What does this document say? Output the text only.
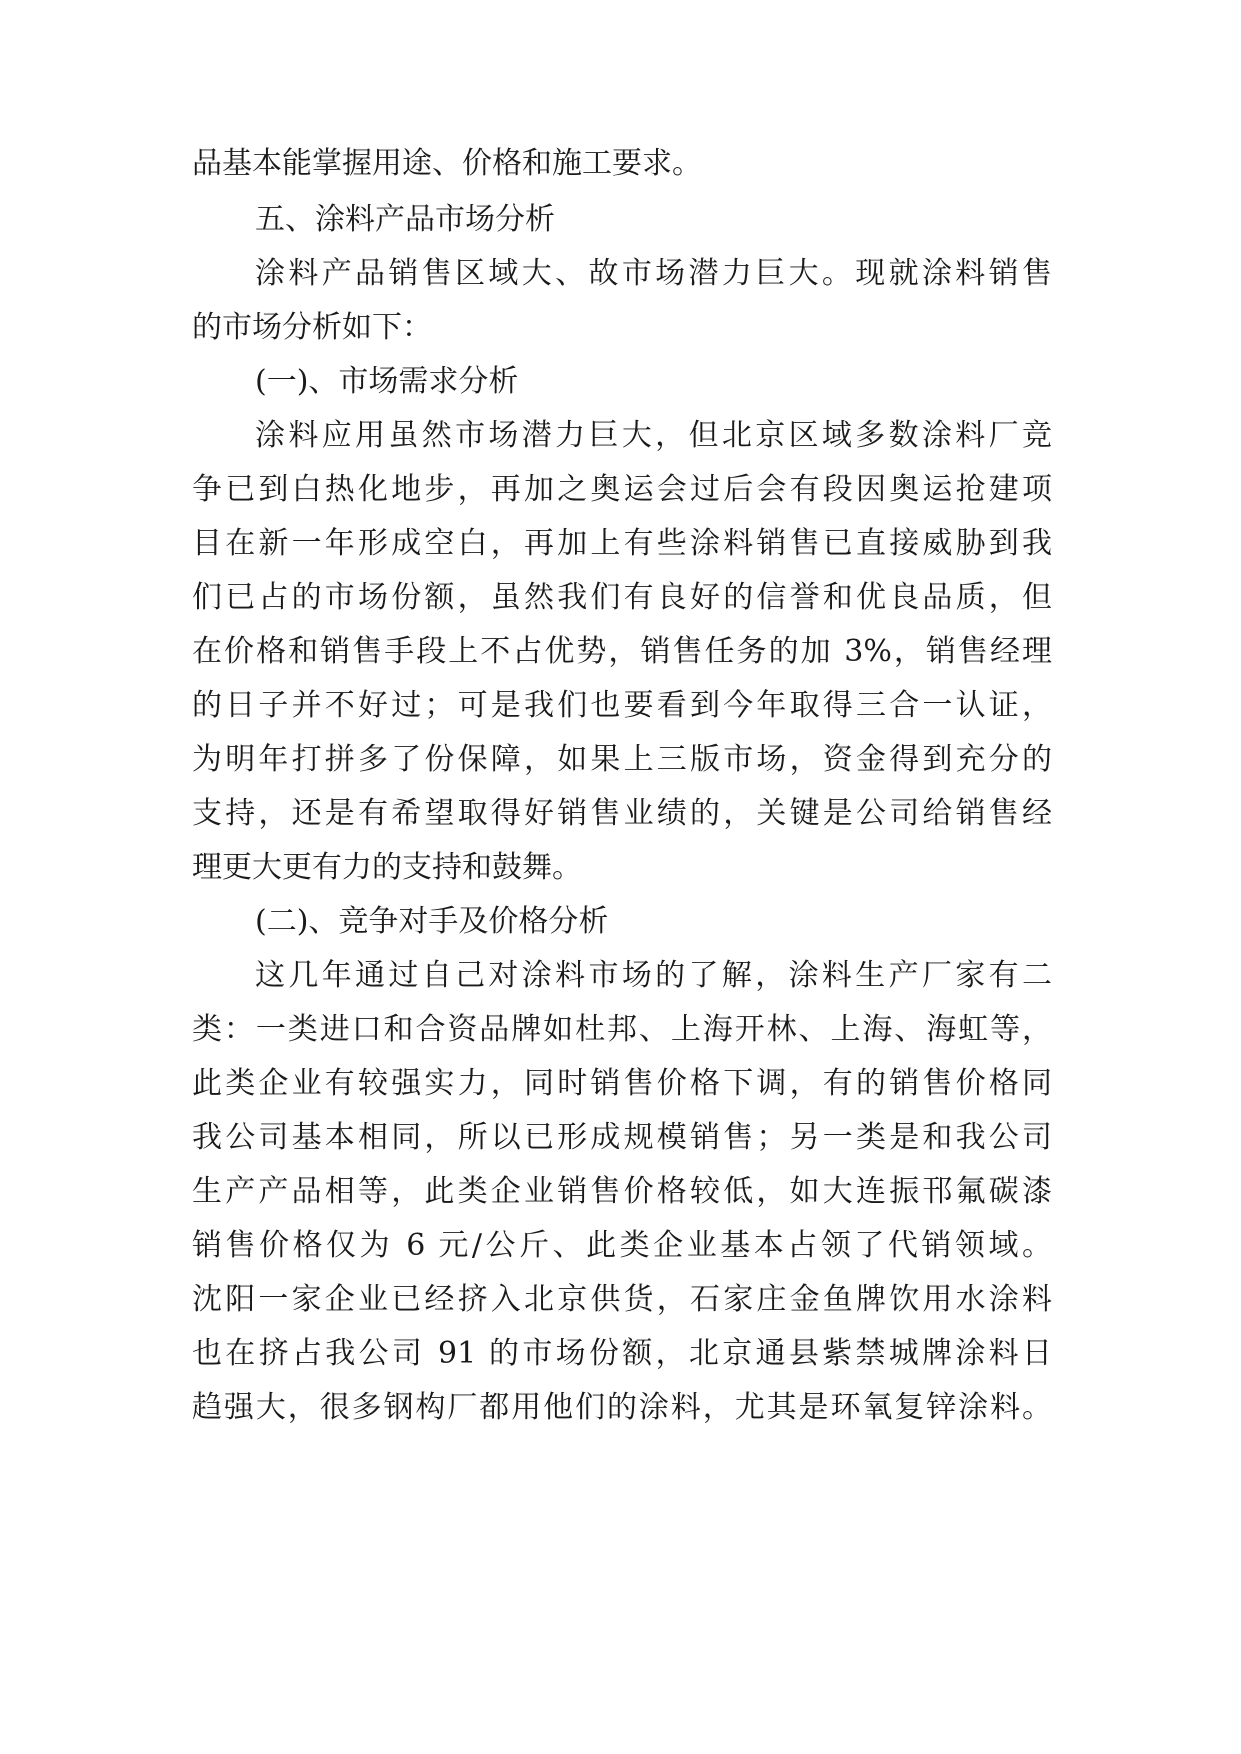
品基本能掌握用途、价格和施工要求。
五、涂料产品市场分析
涂料产品销售区域大、故市场潜力巨大。现就涂料销售
的市场分析如下：
(一)、市场需求分析
涂料应用虽然市场潜力巨大，但北京区域多数涂料厂竞
争已到白热化地步，再加之奥运会过后会有段因奥运抢建项
目在新一年形成空白，再加上有些涂料销售已直接威胁到我
们已占的市场份额，虽然我们有良好的信誉和优良品质，但
在价格和销售手段上不占优势，销售任务的加 3%，销售经理
的日子并不好过；可是我们也要看到今年取得三合一认证，
为明年打拼多了份保障，如果上三版市场，资金得到充分的
支持，还是有希望取得好销售业绩的，关键是公司给销售经
理更大更有力的支持和鼓舞。
(二)、竞争对手及价格分析
这几年通过自己对涂料市场的了解，涂料生产厂家有二
类：一类进口和合资品牌如杜邦、上海开林、上海、海虹等，
此类企业有较强实力，同时销售价格下调，有的销售价格同
我公司基本相同，所以已形成规模销售；另一类是和我公司
生产产品相等，此类企业销售价格较低，如大连振邗氟碳漆
销售价格仅为 6 元/公斤、此类企业基本占领了代销领域。
沈阳一家企业已经挤入北京供货，石家庄金鱼牌饮用水涂料
也在挤占我公司 91 的市场份额，北京通县紫禁城牌涂料日
趋强大，很多钢构厂都用他们的涂料，尤其是环氧复锌涂料。
